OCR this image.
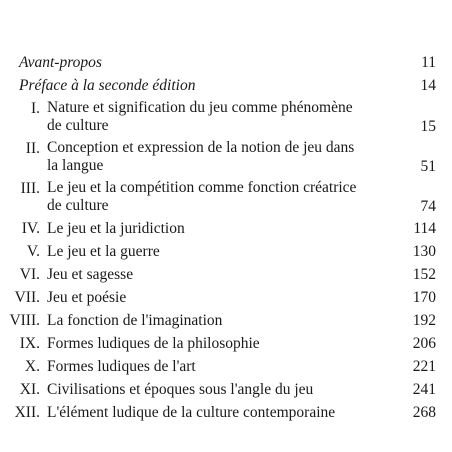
Avant-propos	11
Préface à la seconde édition	14
I. Nature et signification du jeu comme phénomène de culture	15
II. Conception et expression de la notion de jeu dans la langue	51
III. Le jeu et la compétition comme fonction créatrice de culture	74
IV. Le jeu et la juridiction	114
V. Le jeu et la guerre	130
VI. Jeu et sagesse	152
VII. Jeu et poésie	170
VIII. La fonction de l'imagination	192
IX. Formes ludiques de la philosophie	206
X. Formes ludiques de l'art	221
XI. Civilisations et époques sous l'angle du jeu	241
XII. L'élément ludique de la culture contemporaine	268
